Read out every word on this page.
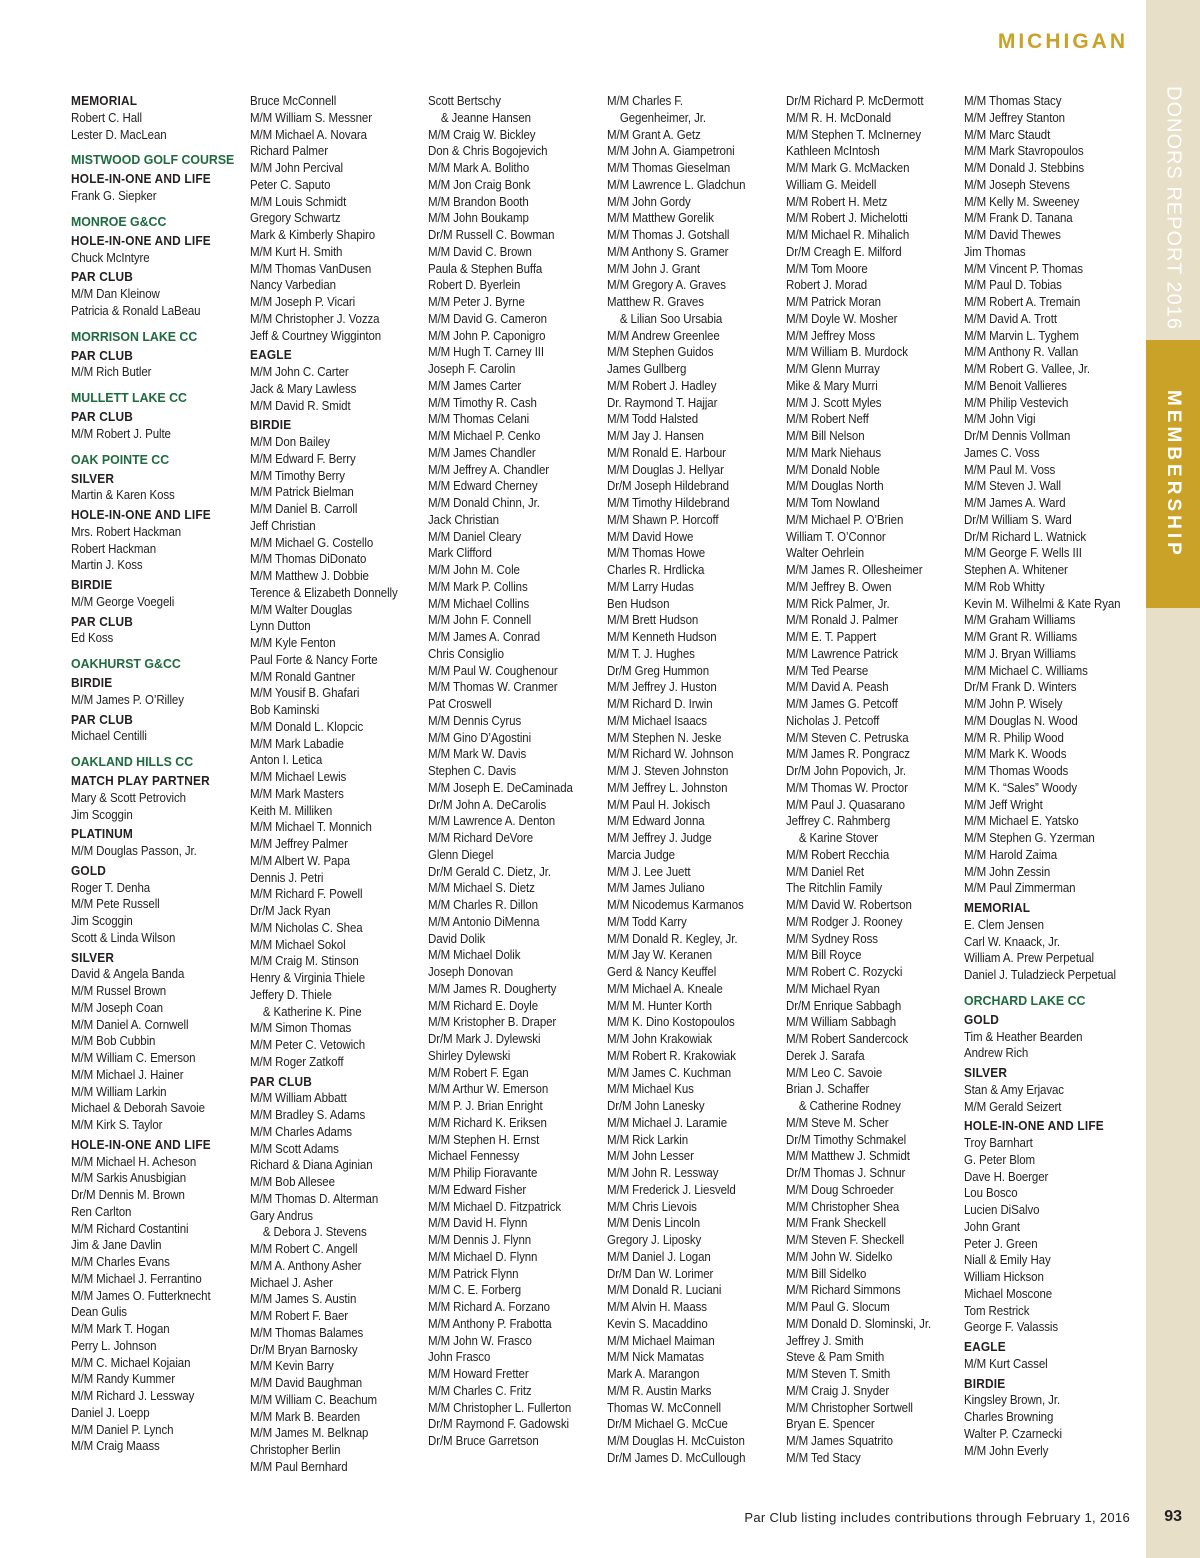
MICHIGAN
DONORS REPORT 2016
MEMBERSHIP
MEMORIAL
Robert C. Hall
Lester D. MacLean
MISTWOOD GOLF COURSE
HOLE-IN-ONE AND LIFE
Frank G. Siepker
MONROE G&CC
HOLE-IN-ONE AND LIFE
Chuck McIntyre
PAR CLUB
M/M Dan Kleinow
Patricia & Ronald LaBeau
MORRISON LAKE CC
PAR CLUB
M/M Rich Butler
MULLETT LAKE CC
PAR CLUB
M/M Robert J. Pulte
OAK POINTE CC
SILVER
Martin & Karen Koss
HOLE-IN-ONE AND LIFE
Mrs. Robert Hackman
Robert Hackman
Martin J. Koss
BIRDIE
M/M George Voegeli
PAR CLUB
Ed Koss
OAKHURST G&CC
BIRDIE
M/M James P. O’Rilley
PAR CLUB
Michael Centilli
OAKLAND HILLS CC
MATCH PLAY PARTNER
Mary & Scott Petrovich
Jim Scoggin
PLATINUM
M/M Douglas Passon, Jr.
GOLD
Roger T. Denha
M/M Pete Russell
Jim Scoggin
Scott & Linda Wilson
SILVER
David & Angela Banda
M/M Russel Brown
M/M Joseph Coan
M/M Daniel A. Cornwell
M/M Bob Cubbin
M/M William C. Emerson
M/M Michael J. Hainer
M/M William Larkin
Michael & Deborah Savoie
M/M Kirk S. Taylor
HOLE-IN-ONE AND LIFE
M/M Michael H. Acheson
M/M Sarkis Anusbigian
Dr/M Dennis M. Brown
Ren Carlton
M/M Richard Costantini
Jim & Jane Davlin
M/M Charles Evans
M/M Michael J. Ferrantino
M/M James O. Futterknecht
Dean Gulis
M/M Mark T. Hogan
Perry L. Johnson
M/M C. Michael Kojaian
M/M Randy Kummer
M/M Richard J. Lessway
Daniel J. Loepp
M/M Daniel P. Lynch
M/M Craig Maass
Bruce McConnell
M/M William S. Messner
M/M Michael A. Novara
Richard Palmer
M/M John Percival
Peter C. Saputo
M/M Louis Schmidt
Gregory Schwartz
Mark & Kimberly Shapiro
M/M Kurt H. Smith
M/M Thomas VanDusen
Nancy Varbedian
M/M Joseph P. Vicari
M/M Christopher J. Vozza
Jeff & Courtney Wigginton
EAGLE
M/M John C. Carter
Jack & Mary Lawless
M/M David R. Smidt
BIRDIE
M/M Don Bailey
M/M Edward F. Berry
M/M Timothy Berry
M/M Patrick Bielman
M/M Daniel B. Carroll
Jeff Christian
M/M Michael G. Costello
M/M Thomas DiDonato
M/M Matthew J. Dobbie
Terence & Elizabeth Donnelly
M/M Walter Douglas
Lynn Dutton
M/M Kyle Fenton
Paul Forte & Nancy Forte
M/M Ronald Gantner
M/M Yousif B. Ghafari
Bob Kaminski
M/M Donald L. Klopcic
M/M Mark Labadie
Anton I. Letica
M/M Michael Lewis
M/M Mark Masters
Keith M. Milliken
M/M Michael T. Monnich
M/M Jeffrey Palmer
M/M Albert W. Papa
Dennis J. Petri
M/M Richard F. Powell
Dr/M Jack Ryan
M/M Nicholas C. Shea
M/M Michael Sokol
M/M Craig M. Stinson
Henry & Virginia Thiele
Jeffery D. Thiele
& Katherine K. Pine
M/M Simon Thomas
M/M Peter C. Vetowich
M/M Roger Zatkoff
PAR CLUB
M/M William Abbatt
M/M Bradley S. Adams
M/M Charles Adams
M/M Scott Adams
Richard & Diana Aginian
M/M Bob Allesee
M/M Thomas D. Alterman
Gary Andrus
& Debora J. Stevens
M/M Robert C. Angell
M/M A. Anthony Asher
Michael J. Asher
M/M James S. Austin
M/M Robert F. Baer
M/M Thomas Balames
Dr/M Bryan Barnosky
M/M Kevin Barry
M/M David Baughman
M/M William C. Beachum
M/M Mark B. Bearden
M/M James M. Belknap
Christopher Berlin
M/M Paul Bernhard
Scott Bertschy
& Jeanne Hansen
M/M Craig W. Bickley
Don & Chris Bogojevich
M/M Mark A. Bolitho
M/M Jon Craig Bonk
M/M Brandon Booth
M/M John Boukamp
Dr/M Russell C. Bowman
M/M David C. Brown
Paula & Stephen Buffa
Robert D. Byerlein
M/M Peter J. Byrne
M/M David G. Cameron
M/M John P. Caponigro
M/M Hugh T. Carney III
Joseph F. Carolin
M/M James Carter
M/M Timothy R. Cash
M/M Thomas Celani
M/M Michael P. Cenko
M/M James Chandler
M/M Jeffrey A. Chandler
M/M Edward Cherney
M/M Donald Chinn, Jr.
Jack Christian
M/M Daniel Cleary
Mark Clifford
M/M John M. Cole
M/M Mark P. Collins
M/M Michael Collins
M/M John F. Connell
M/M James A. Conrad
Chris Consiglio
M/M Paul W. Coughenour
M/M Thomas W. Cranmer
Pat Croswell
M/M Dennis Cyrus
M/M Gino D’Agostini
M/M Mark W. Davis
Stephen C. Davis
M/M Joseph E. DeCaminada
Dr/M John A. DeCarolis
M/M Lawrence A. Denton
M/M Richard DeVore
Glenn Diegel
Dr/M Gerald C. Dietz, Jr.
M/M Michael S. Dietz
M/M Charles R. Dillon
M/M Antonio DiMenna
David Dolik
M/M Michael Dolik
Joseph Donovan
M/M James R. Dougherty
M/M Richard E. Doyle
M/M Kristopher B. Draper
Dr/M Mark J. Dylewski
Shirley Dylewski
M/M Robert F. Egan
M/M Arthur W. Emerson
M/M P. J. Brian Enright
M/M Richard K. Eriksen
M/M Stephen H. Ernst
Michael Fennessy
M/M Philip Fioravante
M/M Edward Fisher
M/M Michael D. Fitzpatrick
M/M David H. Flynn
M/M Dennis J. Flynn
M/M Michael D. Flynn
M/M Patrick Flynn
M/M C. E. Forberg
M/M Richard A. Forzano
M/M Anthony P. Frabotta
M/M John W. Frasco
John Frasco
M/M Howard Fretter
M/M Charles C. Fritz
M/M Christopher L. Fullerton
Dr/M Raymond F. Gadowski
Dr/M Bruce Garretson
M/M Charles F.
Gegenheimer, Jr.
M/M Grant A. Getz
M/M John A. Giampetroni
M/M Thomas Gieselman
M/M Lawrence L. Gladchun
M/M John Gordy
M/M Matthew Gorelik
M/M Thomas J. Gotshall
M/M Anthony S. Gramer
M/M John J. Grant
M/M Gregory A. Graves
Matthew R. Graves
& Lilian Soo Ursabia
M/M Andrew Greenlee
M/M Stephen Guidos
James Gullberg
M/M Robert J. Hadley
Dr. Raymond T. Hajjar
M/M Todd Halsted
M/M Jay J. Hansen
M/M Ronald E. Harbour
M/M Douglas J. Hellyar
Dr/M Joseph Hildebrand
M/M Timothy Hildebrand
M/M Shawn P. Horcoff
M/M David Howe
M/M Thomas Howe
Charles R. Hrdlicka
M/M Larry Hudas
Ben Hudson
M/M Brett Hudson
M/M Kenneth Hudson
M/M T. J. Hughes
Dr/M Greg Hummon
M/M Jeffrey J. Huston
M/M Richard D. Irwin
M/M Michael Isaacs
M/M Stephen N. Jeske
M/M Richard W. Johnson
M/M J. Steven Johnston
M/M Jeffrey L. Johnston
M/M Paul H. Jokisch
M/M Edward Jonna
M/M Jeffrey J. Judge
Marcia Judge
M/M J. Lee Juett
M/M James Juliano
M/M Nicodemus Karmanos
M/M Todd Karry
M/M Donald R. Kegley, Jr.
M/M Jay W. Keranen
Gerd & Nancy Keuffel
M/M Michael A. Kneale
M/M M. Hunter Korth
M/M K. Dino Kostopoulos
M/M John Krakowiak
M/M Robert R. Krakowiak
M/M James C. Kuchman
M/M Michael Kus
Dr/M John Lanesky
M/M Michael J. Laramie
M/M Rick Larkin
M/M John Lesser
M/M John R. Lessway
M/M Frederick J. Liesveld
M/M Chris Lievois
M/M Denis Lincoln
Gregory J. Liposky
M/M Daniel J. Logan
Dr/M Dan W. Lorimer
M/M Donald R. Luciani
M/M Alvin H. Maass
Kevin S. Macaddino
M/M Michael Maiman
M/M Nick Mamatas
Mark A. Marangon
M/M R. Austin Marks
Thomas W. McConnell
Dr/M Michael G. McCue
M/M Douglas H. McCuiston
Dr/M James D. McCullough
Dr/M Richard P. McDermott
M/M R. H. McDonald
M/M Stephen T. McInerney
Kathleen McIntosh
M/M Mark G. McMacken
William G. Meidell
M/M Robert H. Metz
M/M Robert J. Michelotti
M/M Michael R. Mihalich
Dr/M Creagh E. Milford
M/M Tom Moore
Robert J. Morad
M/M Patrick Moran
M/M Doyle W. Mosher
M/M Jeffrey Moss
M/M William B. Murdock
M/M Glenn Murray
Mike & Mary Murri
M/M J. Scott Myles
M/M Robert Neff
M/M Bill Nelson
M/M Mark Niehaus
M/M Donald Noble
M/M Douglas North
M/M Tom Nowland
M/M Michael P. O’Brien
William T. O’Connor
Walter Oehrlein
M/M James R. Ollesheimer
M/M Jeffrey B. Owen
M/M Rick Palmer, Jr.
M/M Ronald J. Palmer
M/M E. T. Pappert
M/M Lawrence Patrick
M/M Ted Pearse
M/M David A. Peash
M/M James G. Petcoff
Nicholas J. Petcoff
M/M Steven C. Petruska
M/M James R. Pongracz
Dr/M John Popovich, Jr.
M/M Thomas W. Proctor
M/M Paul J. Quasarano
Jeffrey C. Rahmberg
& Karine Stover
M/M Robert Recchia
M/M Daniel Ret
The Ritchlin Family
M/M David W. Robertson
M/M Rodger J. Rooney
M/M Sydney Ross
M/M Bill Royce
M/M Robert C. Rozycki
M/M Michael Ryan
Dr/M Enrique Sabbagh
M/M William Sabbagh
M/M Robert Sandercock
Derek J. Sarafa
M/M Leo C. Savoie
Brian J. Schaffer
& Catherine Rodney
M/M Steve M. Scher
Dr/M Timothy Schmakel
M/M Matthew J. Schmidt
Dr/M Thomas J. Schnur
M/M Doug Schroeder
M/M Christopher Shea
M/M Frank Sheckell
M/M Steven F. Sheckell
M/M John W. Sidelko
M/M Bill Sidelko
M/M Richard Simmons
M/M Paul G. Slocum
M/M Donald D. Slominski, Jr.
Jeffrey J. Smith
Steve & Pam Smith
M/M Steven T. Smith
M/M Craig J. Snyder
M/M Christopher Sortwell
Bryan E. Spencer
M/M James Squatrito
M/M Ted Stacy
M/M Thomas Stacy
M/M Jeffrey Stanton
M/M Marc Staudt
M/M Mark Stavropoulos
M/M Donald J. Stebbins
M/M Joseph Stevens
M/M Kelly M. Sweeney
M/M Frank D. Tanana
M/M David Thewes
Jim Thomas
M/M Vincent P. Thomas
M/M Paul D. Tobias
M/M Robert A. Tremain
M/M David A. Trott
M/M Marvin L. Tyghem
M/M Anthony R. Vallan
M/M Robert G. Vallee, Jr.
M/M Benoit Vallieres
M/M Philip Vestevich
M/M John Vigi
Dr/M Dennis Vollman
James C. Voss
M/M Paul M. Voss
M/M Steven J. Wall
M/M James A. Ward
Dr/M William S. Ward
Dr/M Richard L. Watnick
M/M George F. Wells III
Stephen A. Whitener
M/M Rob Whitty
Kevin M. Wilhelmi & Kate Ryan
M/M Graham Williams
M/M Grant R. Williams
M/M J. Bryan Williams
M/M Michael C. Williams
Dr/M Frank D. Winters
M/M John P. Wisely
M/M Douglas N. Wood
M/M R. Philip Wood
M/M Mark K. Woods
M/M Thomas Woods
M/M K. “Sales” Woody
M/M Jeff Wright
M/M Michael E. Yatsko
M/M Stephen G. Yzerman
M/M Harold Zaima
M/M John Zessin
M/M Paul Zimmerman
MEMORIAL
E. Clem Jensen
Carl W. Knaack, Jr.
William A. Prew Perpetual
Daniel J. Tuladzieck Perpetual
ORCHARD LAKE CC
GOLD
Tim & Heather Bearden
Andrew Rich
SILVER
Stan & Amy Erjavac
M/M Gerald Seizert
HOLE-IN-ONE AND LIFE
Troy Barnhart
G. Peter Blom
Dave H. Boerger
Lou Bosco
Lucien DiSalvo
John Grant
Peter J. Green
Niall & Emily Hay
William Hickson
Michael Moscone
Tom Restrick
George F. Valassis
EAGLE
M/M Kurt Cassel
BIRDIE
Kingsley Brown, Jr.
Charles Browning
Walter P. Czarnecki
M/M John Everly
Par Club listing includes contributions through February 1, 2016 93
